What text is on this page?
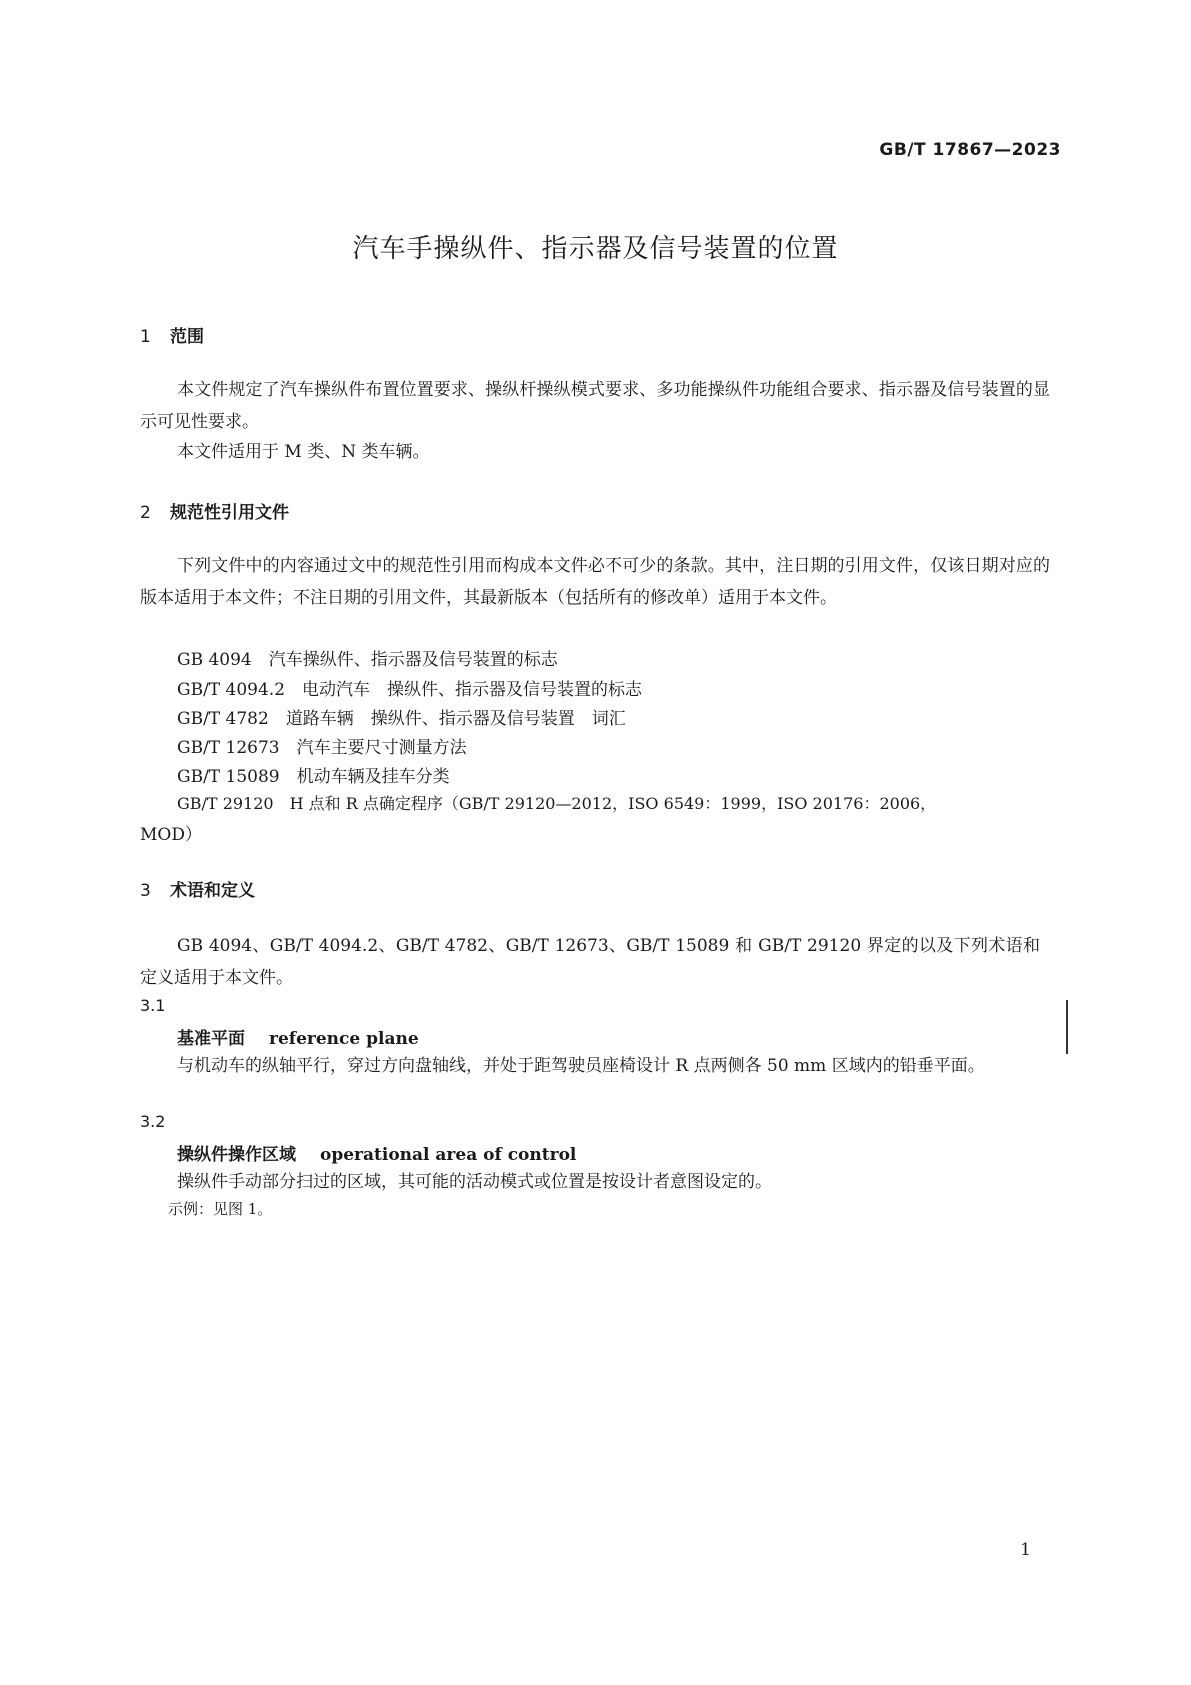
GB/T 17867—2023
汽车手操纵件、指示器及信号装置的位置
1 范围
本文件规定了汽车操纵件布置位置要求、操纵杆操纵模式要求、多功能操纵件功能组合要求、指示器及信号装置的显示可见性要求。
本文件适用于 M 类、N 类车辆。
2 规范性引用文件
下列文件中的内容通过文中的规范性引用而构成本文件必不可少的条款。其中，注日期的引用文件，仅该日期对应的版本适用于本文件；不注日期的引用文件，其最新版本（包括所有的修改单）适用于本文件。
GB 4094　 汽车操纵件、指示器及信号装置的标志
GB/T 4094.2　 电动汽车　操纵件、指示器及信号装置的标志
GB/T 4782　 道路车辆　操纵件、指示器及信号装置　词汇
GB/T 12673　 汽车主要尺寸测量方法
GB/T 15089　 机动车辆及挂车分类
GB/T 29120　H 点和 R 点确定程序（GB/T 29120—2012，ISO 6549：1999，ISO 20176：2006，
MOD）
3 术语和定义
GB 4094、GB/T 4094.2、GB/T 4782、GB/T 12673、GB/T 15089 和 GB/T 29120 界定的以及下列术语和定义适用于本文件。
3.1
基准平面 reference plane
与机动车的纵轴平行，穿过方向盘轴线，并处于距驾驶员座椅设计 R 点两侧各 50 mm 区域内的铅垂平面。
3.2
操纵件操作区域 operational area of control
操纵件手动部分扫过的区域，其可能的活动模式或位置是按设计者意图设定的。
示例：见图 1。
1
